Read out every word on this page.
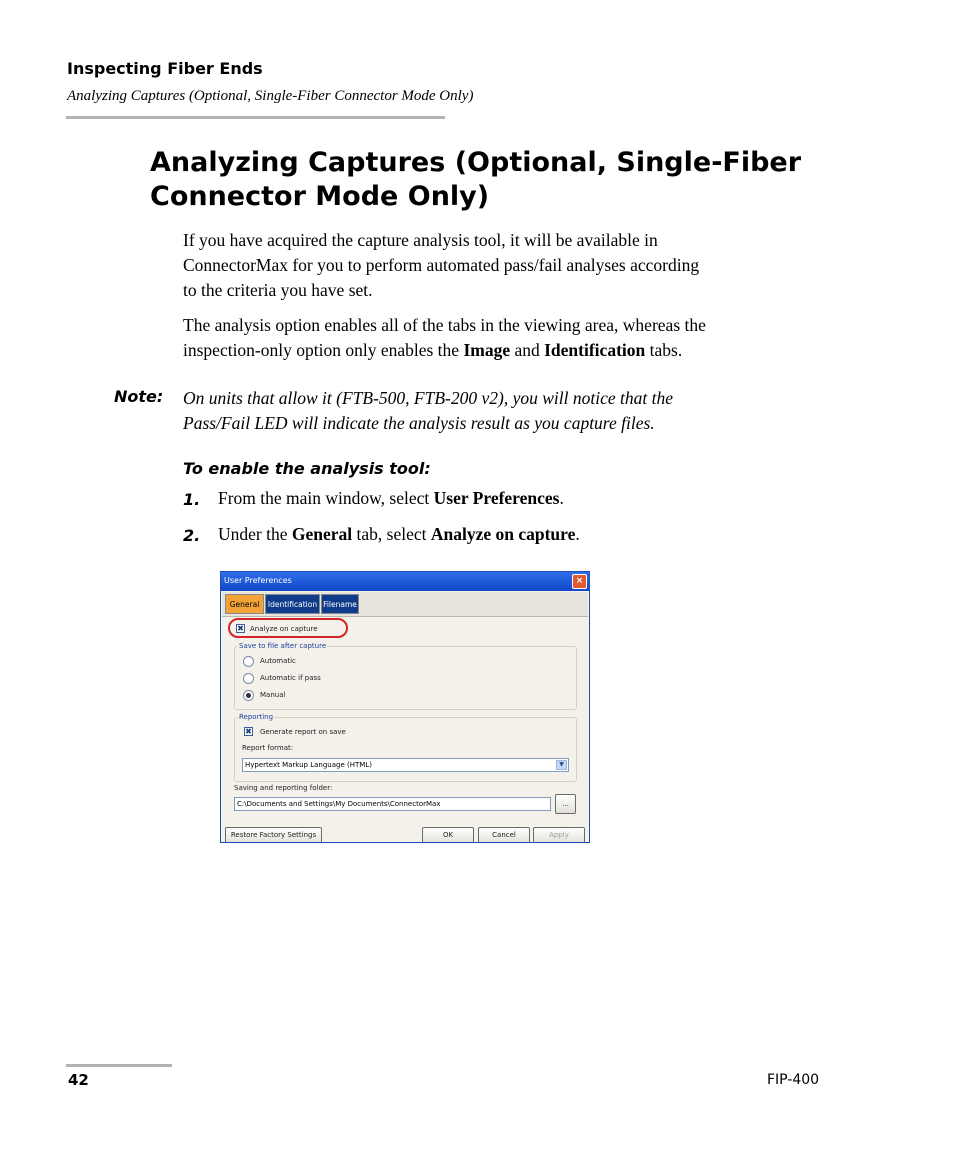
Inspecting Fiber Ends
Analyzing Captures (Optional, Single-Fiber Connector Mode Only)
Analyzing Captures (Optional, Single-Fiber
Connector Mode Only)
If you have acquired the capture analysis tool, it will be available in
ConnectorMax for you to perform automated pass/fail analyses according
to the criteria you have set.
The analysis option enables all of the tabs in the viewing area, whereas the
inspection-only option only enables the Image and Identification tabs.
Note: On units that allow it (FTB-500, FTB-200 v2), you will notice that the
Pass/Fail LED will indicate the analysis result as you capture files.
To enable the analysis tool:
1. From the main window, select User Preferences.
2. Under the General tab, select Analyze on capture.
User Preferences	×
General	Identification Filename
✖ Analyze on capture
Save to file after capture
Automatic
Automatic if pass
Manual
Reporting
✖ Generate report on save
Report format:
Hypertext Markup Language (HTML)	▼
Saving and reporting folder:
C:\Documents and Settings\My Documents\ConnectorMax	...
Restore Factory Settings	OK	Cancel	Apply
42	FIP-400
